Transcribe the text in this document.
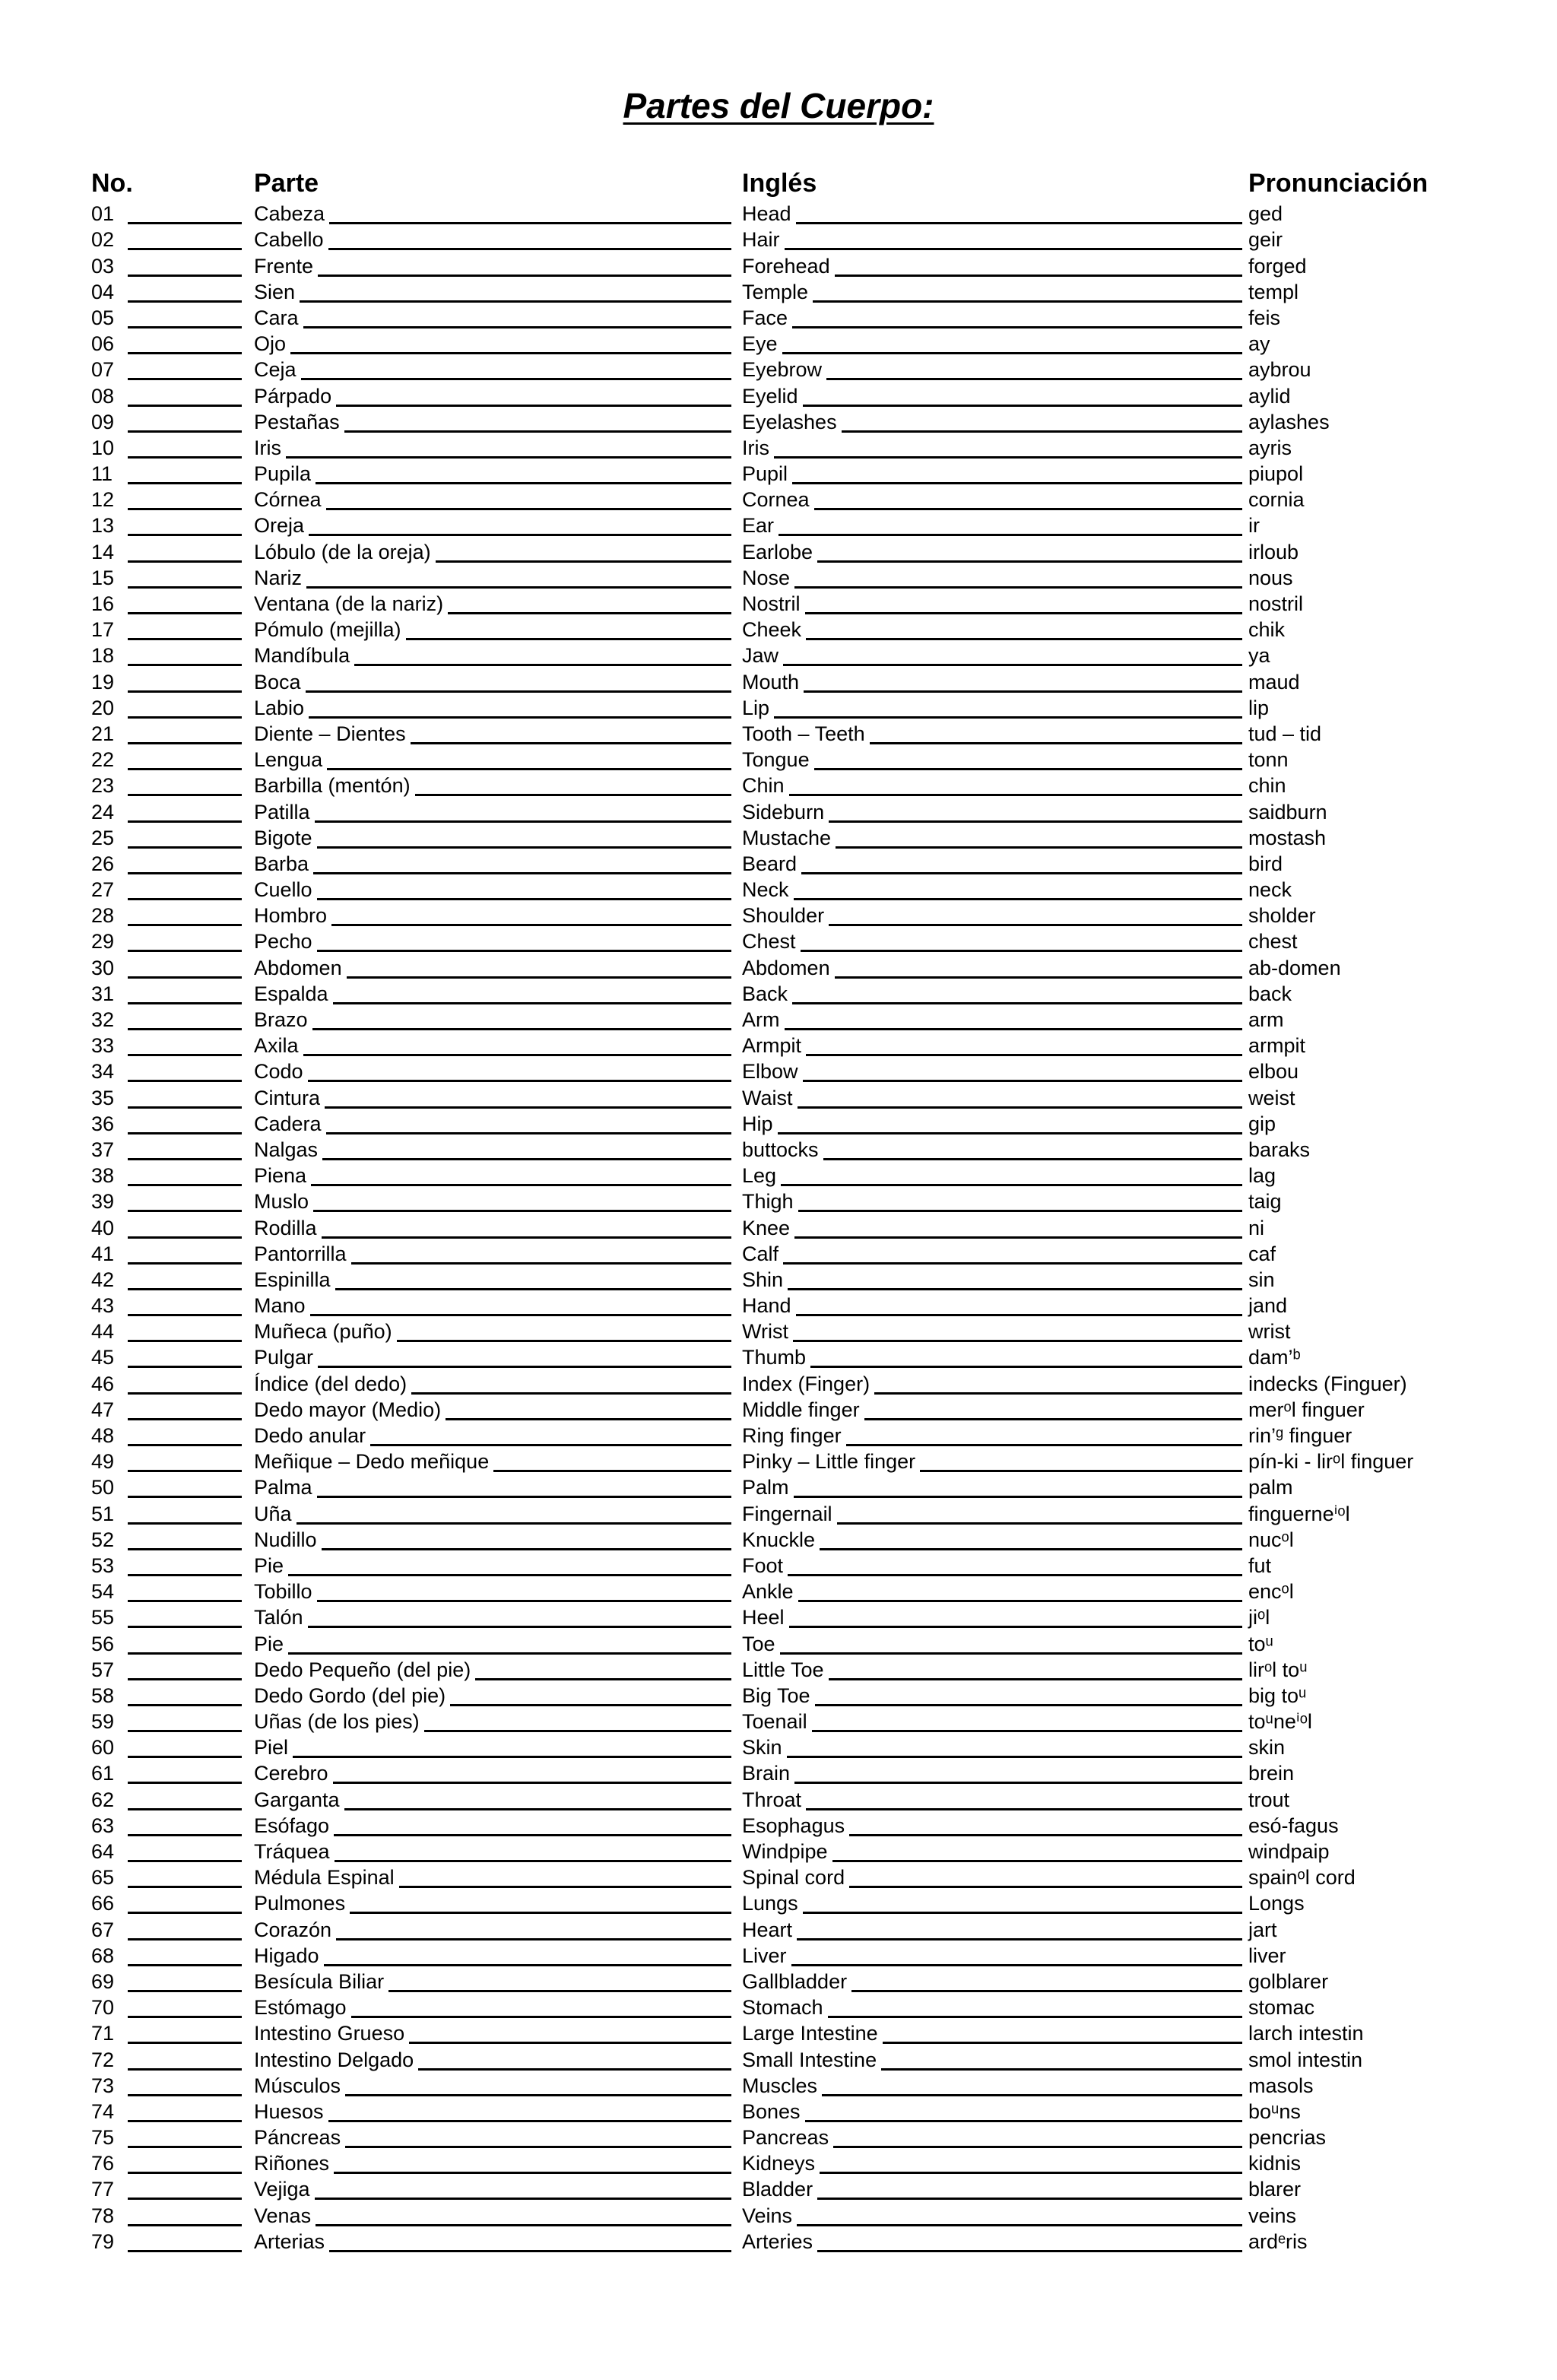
Partes del Cuerpo:
No.	Parte	Inglés	Pronunciación
01	Cabeza	Head	ged
02	Cabello	Hair	geir
03	Frente	Forehead	forged
04	Sien	Temple	templ
05	Cara	Face	feis
06	Ojo	Eye	ay
07	Ceja	Eyebrow	aybrou
08	Párpado	Eyelid	aylid
09	Pestañas	Eyelashes	aylashes
10	Iris	Iris	ayris
11	Pupila	Pupil	piupol
12	Córnea	Cornea	cornia
13	Oreja	Ear	ir
14	Lóbulo (de la oreja)	Earlobe	irloub
15	Nariz	Nose	nous
16	Ventana (de la nariz)	Nostril	nostril
17	Pómulo (mejilla)	Cheek	chik
18	Mandíbula	Jaw	ya
19	Boca	Mouth	maud
20	Labio	Lip	lip
21	Diente – Dientes	Tooth – Teeth	tud – tid
22	Lengua	Tongue	tonn
23	Barbilla (mentón)	Chin	chin
24	Patilla	Sideburn	saidburn
25	Bigote	Mustache	mostash
26	Barba	Beard	bird
27	Cuello	Neck	neck
28	Hombro	Shoulder	sholder
29	Pecho	Chest	chest
30	Abdomen	Abdomen	ab-domen
31	Espalda	Back	back
32	Brazo	Arm	arm
33	Axila	Armpit	armpit
34	Codo	Elbow	elbou
35	Cintura	Waist	weist
36	Cadera	Hip	gip
37	Nalgas	buttocks	baraks
38	Piena	Leg	lag
39	Muslo	Thigh	taig
40	Rodilla	Knee	ni
41	Pantorrilla	Calf	caf
42	Espinilla	Shin	sin
43	Mano	Hand	jand
44	Muñeca (puño)	Wrist	wrist
45	Pulgar	Thumb	dam’ᵇ
46	Índice (del dedo)	Index (Finger)	indecks (Finguer)
47	Dedo mayor (Medio)	Middle finger	merᵒl finguer
48	Dedo anular	Ring finger	rin’ᵍ finguer
49	Meñique – Dedo meñique	Pinky – Little finger	pín-ki - lirᵒl finguer
50	Palma	Palm	palm
51	Uña	Fingernail	finguerneⁱᵒl
52	Nudillo	Knuckle	nucᵒl
53	Pie	Foot	fut
54	Tobillo	Ankle	encᵒl
55	Talón	Heel	jiᵒl
56	Pie	Toe	toᵘ
57	Dedo Pequeño (del pie)	Little Toe	lirᵒl toᵘ
58	Dedo Gordo (del pie)	Big Toe	big toᵘ
59	Uñas (de los pies)	Toenail	toᵘneⁱᵒl
60	Piel	Skin	skin
61	Cerebro	Brain	brein
62	Garganta	Throat	trout
63	Esófago	Esophagus	esó-fagus
64	Tráquea	Windpipe	windpaip
65	Médula Espinal	Spinal cord	spainᵒl cord
66	Pulmones	Lungs	Longs
67	Corazón	Heart	jart
68	Higado	Liver	liver
69	Besícula Biliar	Gallbladder	golblarer
70	Estómago	Stomach	stomac
71	Intestino Grueso	Large Intestine	larch intestin
72	Intestino Delgado	Small Intestine	smol intestin
73	Músculos	Muscles	masols
74	Huesos	Bones	boᵘns
75	Páncreas	Pancreas	pencrias
76	Riñones	Kidneys	kidnis
77	Vejiga	Bladder	blarer
78	Venas	Veins	veins
79	Arterias	Arteries	ardᵉris
